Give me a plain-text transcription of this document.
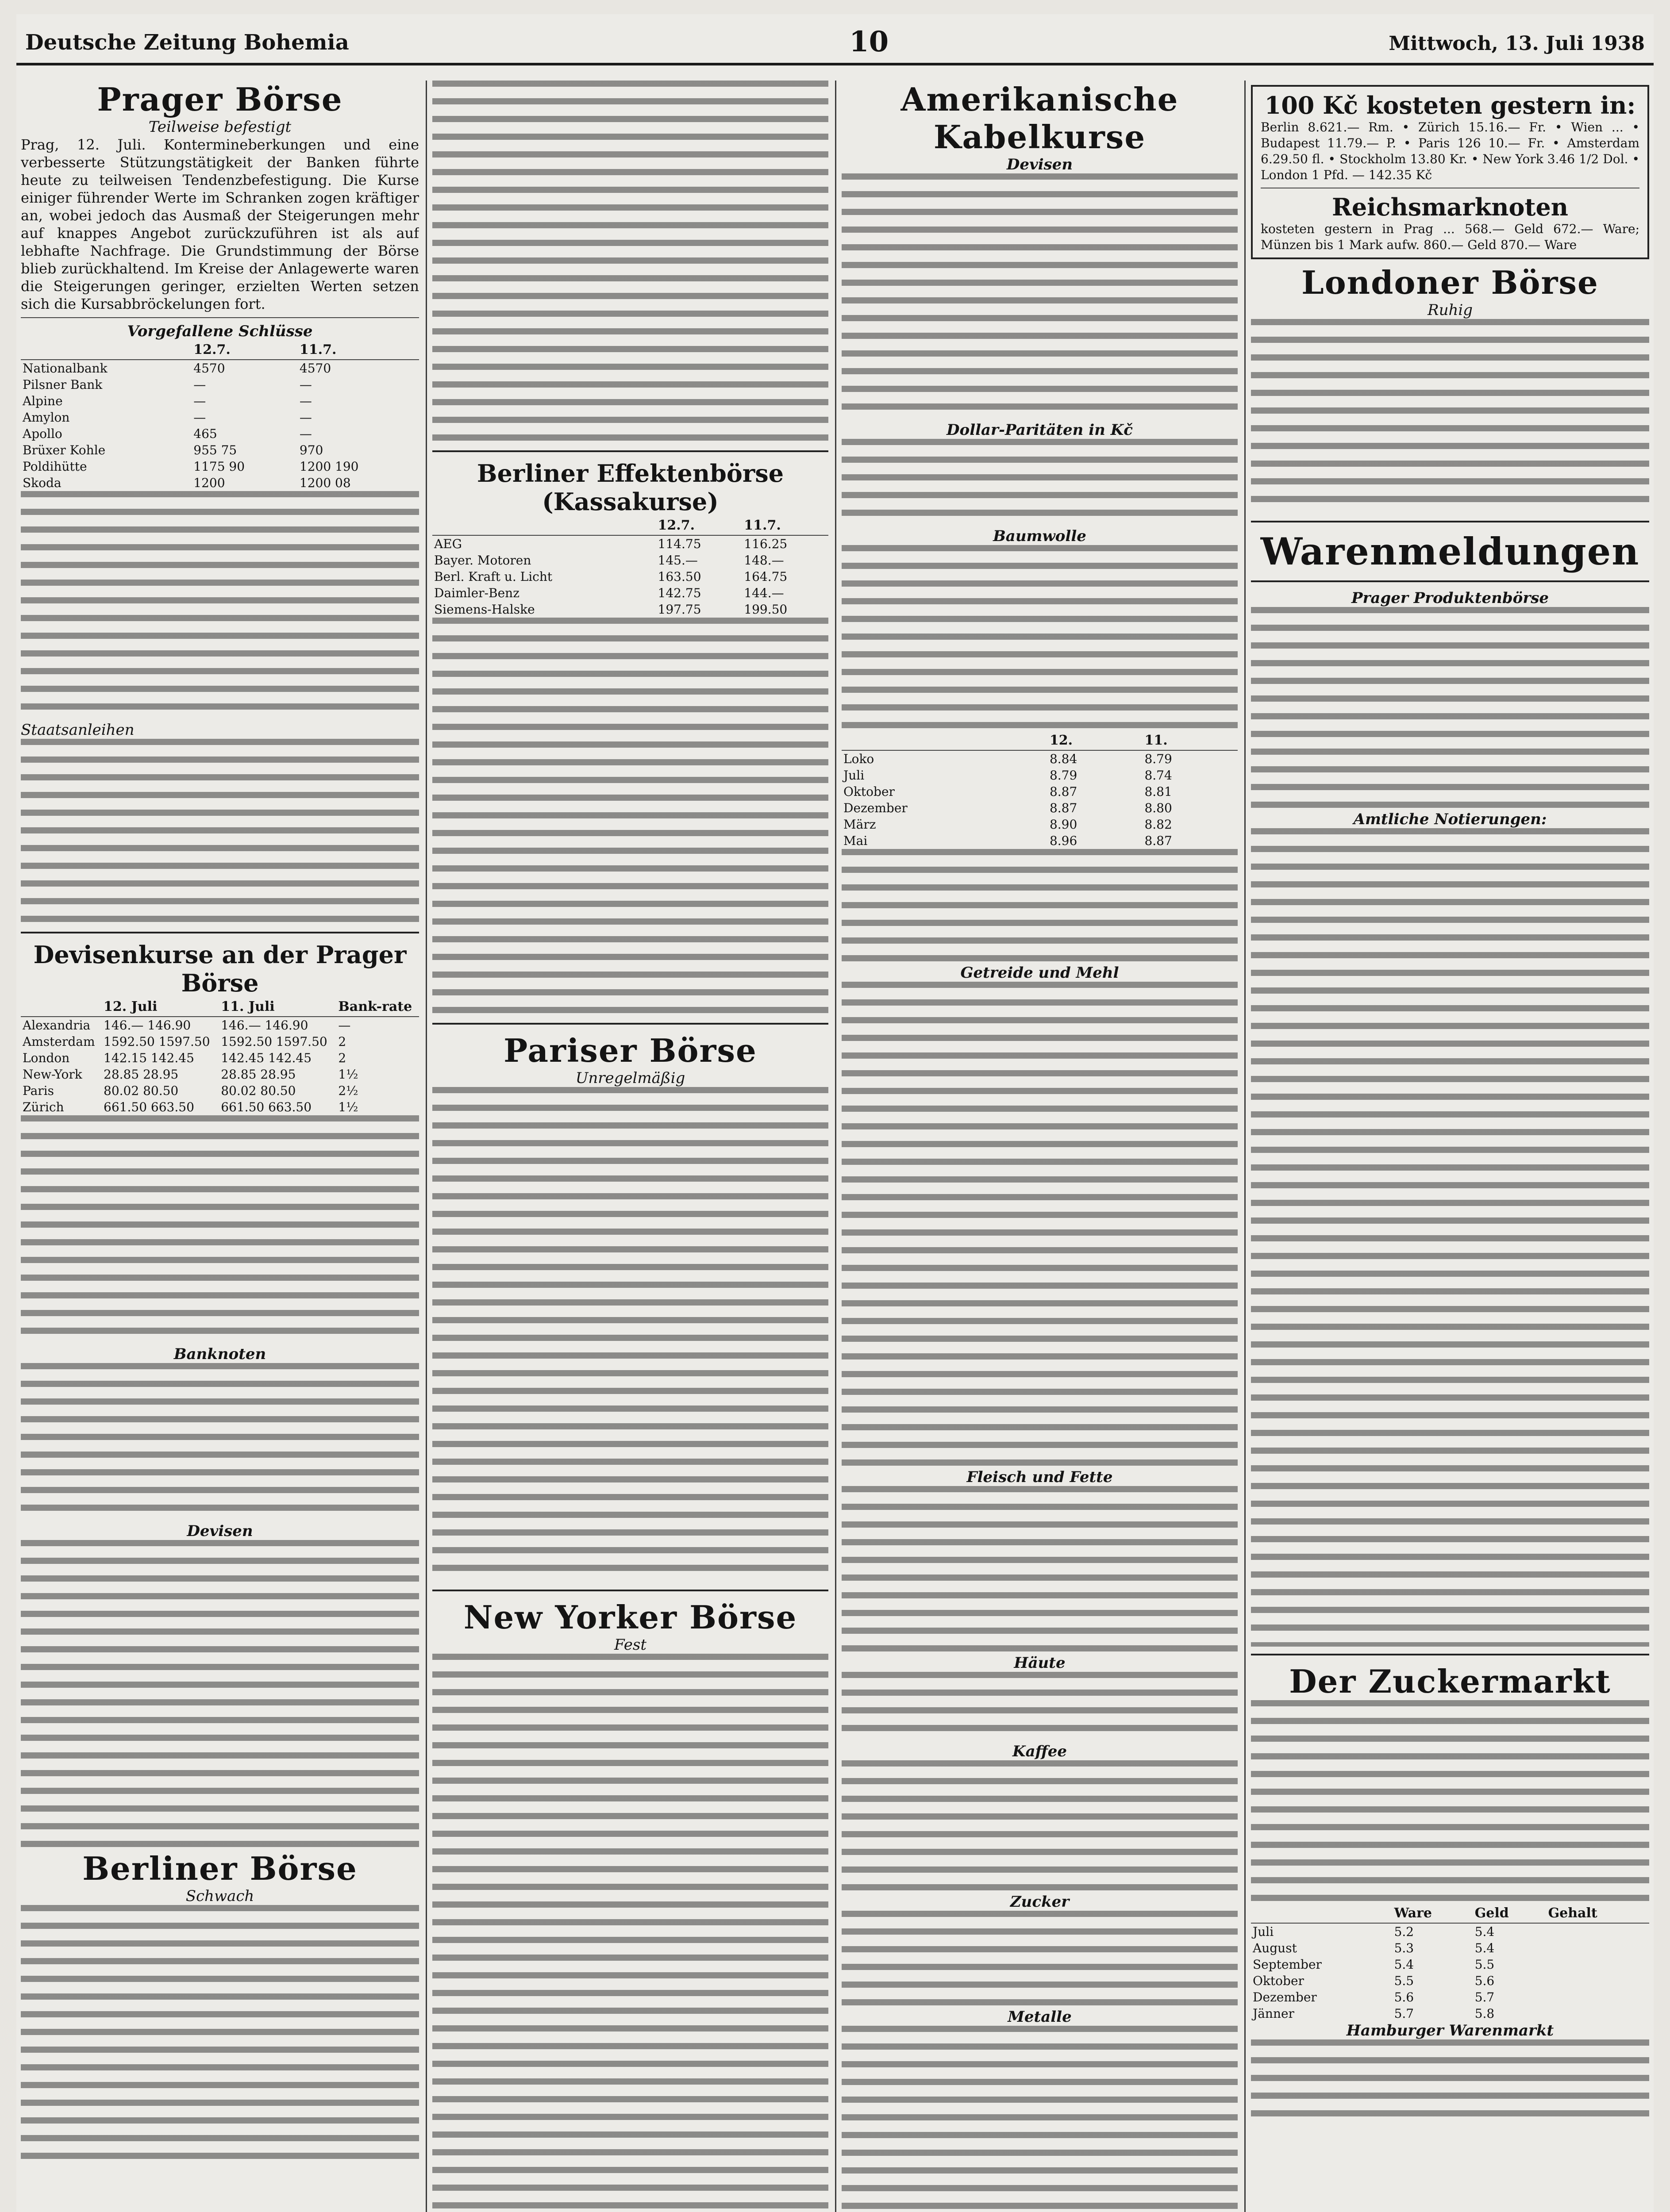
Deutsche Zeitung Bohemia	10	Mittwoch, 13. Juli 1938
Prager Börse
Teilweise befestigt

Prag, 12. Juli. Kontermineberkungen und eine verbesserte Stützungstätigkeit der Banken führte heute zu teilweisen Tendenzbefestigung. Die Kurse einiger führender Werte im Schranken zogen kräftiger an, wobei jedoch das Ausmaß der Steigerungen mehr auf knappes Angebot zurückzuführen ist als auf lebhafte Nachfrage. Die Grundstimmung der Börse blieb zurückhaltend. Im Kreise der Anlagewerte waren die Steigerungen geringer, erzielten Werten setzen sich die Kursabbröckelungen fort.

Vorgefallene Schlüsse
	12.7.	11.7.
Nationalbank	4570	4570
Pilsner Bank	—	—
Alpine	—	—
Amylon	—	—
Apollo	465	—
Brüxer Kohle	955 75	970
Poldihütte	1175 90	1200 190
Skoda	1200	1200 08
Staatsanleihen
Devisenkurse an der Prager Börse
	12. Juli	11. Juli	Bank-rate
Alexandria	146.— 146.90	146.— 146.90	—
Amsterdam	1592.50 1597.50	1592.50 1597.50	2
London	142.15 142.45	142.45 142.45	2
New-York	28.85 28.95	28.85 28.95	1½
Paris	80.02 80.50	80.02 80.50	2½
Zürich	661.50 663.50	661.50 663.50	1½
Banknoten
Devisen
Berliner Börse
Schwach
Berliner Effektenbörse (Kassakurse)
	12.7.	11.7.
AEG	114.75	116.25
Bayer. Motoren	145.—	148.—
Berl. Kraft u. Licht	163.50	164.75
Daimler-Benz	142.75	144.—
Siemens-Halske	197.75	199.50
Pariser Börse
Unregelmäßig
New Yorker Börse
Fest
Amerikanische Kabelkurse
Devisen
Dollar-Paritäten in Kč
Baumwolle
	12.	11.
Loko	8.84	8.79
Juli	8.79	8.74
Oktober	8.87	8.81
Dezember	8.87	8.80
März	8.90	8.82
Mai	8.96	8.87
Getreide und Mehl
Fleisch und Fette
Häute
Kaffee
Zucker
Metalle
100 Kč kosteten gestern in:

Berlin 8.621.— Rm. • Zürich 15.16.— Fr. • Wien ... • Budapest 11.79.— P. • Paris 126 10.— Fr. • Amsterdam 6.29.50 fl. • Stockholm 13.80 Kr. • New York 3.46 1/2 Dol. • London 1 Pfd. — 142.35 Kč

Reichsmarknoten

kosteten gestern in Prag ... 568.— Geld 672.— Ware; Münzen bis 1 Mark aufw. 860.— Geld 870.— Ware

Londoner Börse
Ruhig
Warenmeldungen
Prager Produktenbörse
Amtliche Notierungen:
Der Zuckermarkt
	Ware	Geld	Gehalt
Juli	5.2	5.4	
August	5.3	5.4	
September	5.4	5.5	
Oktober	5.5	5.6	
Dezember	5.6	5.7	
Jänner	5.7	5.8	
Hamburger Warenmarkt
